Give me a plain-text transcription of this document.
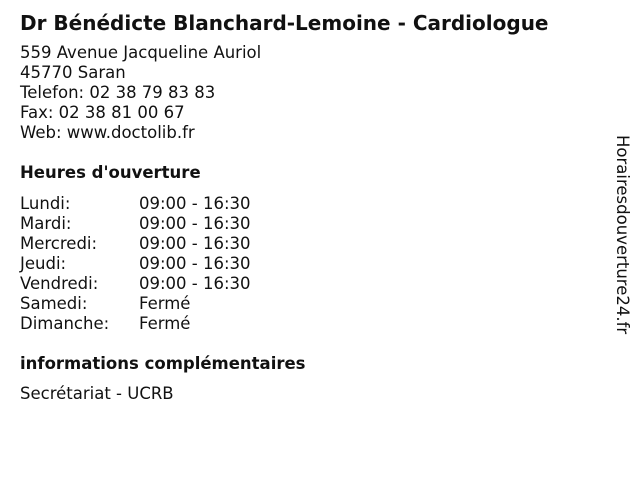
Dr Bénédicte Blanchard-Lemoine - Cardiologue
559 Avenue Jacqueline Auriol
45770 Saran
Telefon: 02 38 79 83 83
Fax: 02 38 81 00 67
Web: www.doctolib.fr
Heures d'ouverture
Lundi:	09:00 - 16:30
Mardi:	09:00 - 16:30
Mercredi:	09:00 - 16:30
Jeudi:	09:00 - 16:30
Vendredi:	09:00 - 16:30
Samedi:	Fermé
Dimanche:	Fermé
informations complémentaires
Secrétariat - UCRB
Horairesdouverture24.fr
